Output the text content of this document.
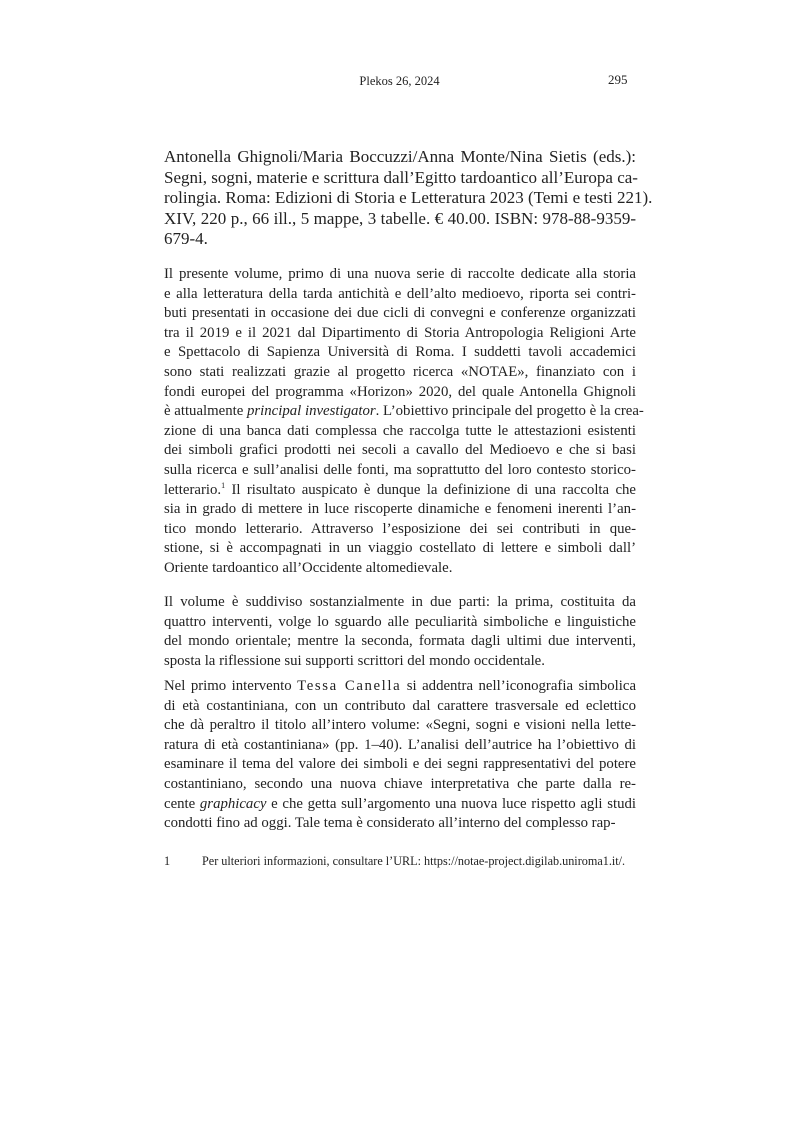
Plekos 26, 2024	295
Antonella Ghignoli/Maria Boccuzzi/Anna Monte/Nina Sietis (eds.):
Segni, sogni, materie e scrittura dall’Egitto tardoantico all’Europa ca-
rolingia. Roma: Edizioni di Storia e Letteratura 2023 (Temi e testi 221).
XIV, 220 p., 66 ill., 5 mappe, 3 tabelle. € 40.00. ISBN: 978-88-9359-
679-4.
Il presente volume, primo di una nuova serie di raccolte dedicate alla storia
e alla letteratura della tarda antichità e dell’alto medioevo, riporta sei contri-
buti presentati in occasione dei due cicli di convegni e conferenze organizzati
tra il 2019 e il 2021 dal Dipartimento di Storia Antropologia Religioni Arte
e Spettacolo di Sapienza Università di Roma. I suddetti tavoli accademici
sono stati realizzati grazie al progetto ricerca «NOTAE», finanziato con i
fondi europei del programma «Horizon» 2020, del quale Antonella Ghignoli
è attualmente principal investigator. L’obiettivo principale del progetto è la crea-
zione di una banca dati complessa che raccolga tutte le attestazioni esistenti
dei simboli grafici prodotti nei secoli a cavallo del Medioevo e che si basi
sulla ricerca e sull’analisi delle fonti, ma soprattutto del loro contesto storico-
letterario.$^1$ Il risultato auspicato è dunque la definizione di una raccolta che
sia in grado di mettere in luce riscoperte dinamiche e fenomeni inerenti l’an-
tico mondo letterario. Attraverso l’esposizione dei sei contributi in que-
stione, si è accompagnati in un viaggio costellato di lettere e simboli dall’
Oriente tardoantico all’Occidente altomedievale.
Il volume è suddiviso sostanzialmente in due parti: la prima, costituita da
quattro interventi, volge lo sguardo alle peculiarità simboliche e linguistiche
del mondo orientale; mentre la seconda, formata dagli ultimi due interventi,
sposta la riflessione sui supporti scrittori del mondo occidentale.
Nel primo intervento Tessa Canella si addentra nell’iconografia simbolica
di età costantiniana, con un contributo dal carattere trasversale ed eclettico
che dà peraltro il titolo all’intero volume: «Segni, sogni e visioni nella lette-
ratura di età costantiniana» (pp. 1–40). L’analisi dell’autrice ha l’obiettivo di
esaminare il tema del valore dei simboli e dei segni rappresentativi del potere
costantiniano, secondo una nuova chiave interpretativa che parte dalla re-
cente graphicacy e che getta sull’argomento una nuova luce rispetto agli studi
condotti fino ad oggi. Tale tema è considerato all’interno del complesso rap-
1	Per ulteriori informazioni, consultare l’URL: https://notae-project.digilab.uniroma1.it/.
